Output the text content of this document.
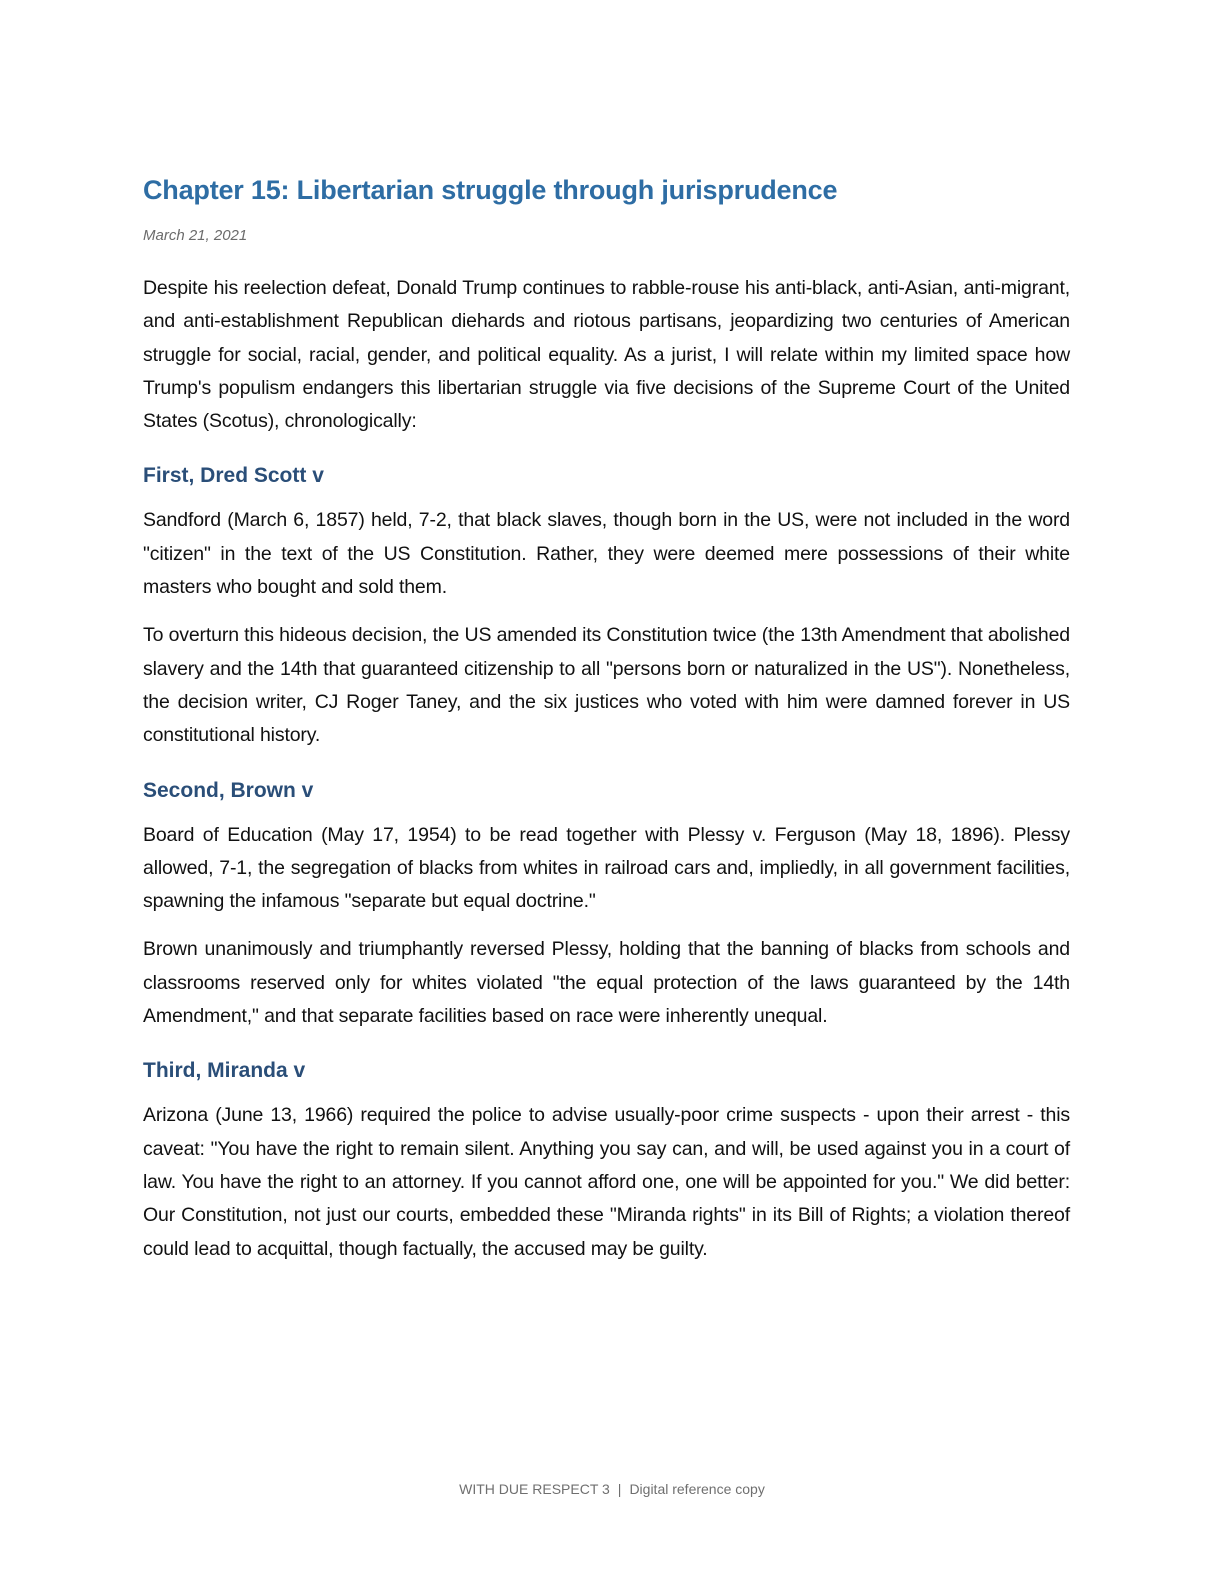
Chapter 15: Libertarian struggle through jurisprudence

March 21, 2021

Despite his reelection defeat, Donald Trump continues to rabble-rouse his anti-black, anti-Asian, anti-migrant, and anti-establishment Republican diehards and riotous partisans, jeopardizing two centuries of American struggle for social, racial, gender, and political equality. As a jurist, I will relate within my limited space how Trump's populism endangers this libertarian struggle via five decisions of the Supreme Court of the United States (Scotus), chronologically:

First, Dred Scott v

Sandford (March 6, 1857) held, 7-2, that black slaves, though born in the US, were not included in the word "citizen" in the text of the US Constitution. Rather, they were deemed mere possessions of their white masters who bought and sold them.

To overturn this hideous decision, the US amended its Constitution twice (the 13th Amendment that abolished slavery and the 14th that guaranteed citizenship to all "persons born or naturalized in the US"). Nonetheless, the decision writer, CJ Roger Taney, and the six justices who voted with him were damned forever in US constitutional history.

Second, Brown v

Board of Education (May 17, 1954) to be read together with Plessy v. Ferguson (May 18, 1896). Plessy allowed, 7-1, the segregation of blacks from whites in railroad cars and, impliedly, in all government facilities, spawning the infamous "separate but equal doctrine."

Brown unanimously and triumphantly reversed Plessy, holding that the banning of blacks from schools and classrooms reserved only for whites violated "the equal protection of the laws guaranteed by the 14th Amendment," and that separate facilities based on race were inherently unequal.

Third, Miranda v

Arizona (June 13, 1966) required the police to advise usually-poor crime suspects - upon their arrest - this caveat: "You have the right to remain silent. Anything you say can, and will, be used against you in a court of law. You have the right to an attorney. If you cannot afford one, one will be appointed for you." We did better: Our Constitution, not just our courts, embedded these "Miranda rights" in its Bill of Rights; a violation thereof could lead to acquittal, though factually, the accused may be guilty.

WITH DUE RESPECT 3 | Digital reference copy
